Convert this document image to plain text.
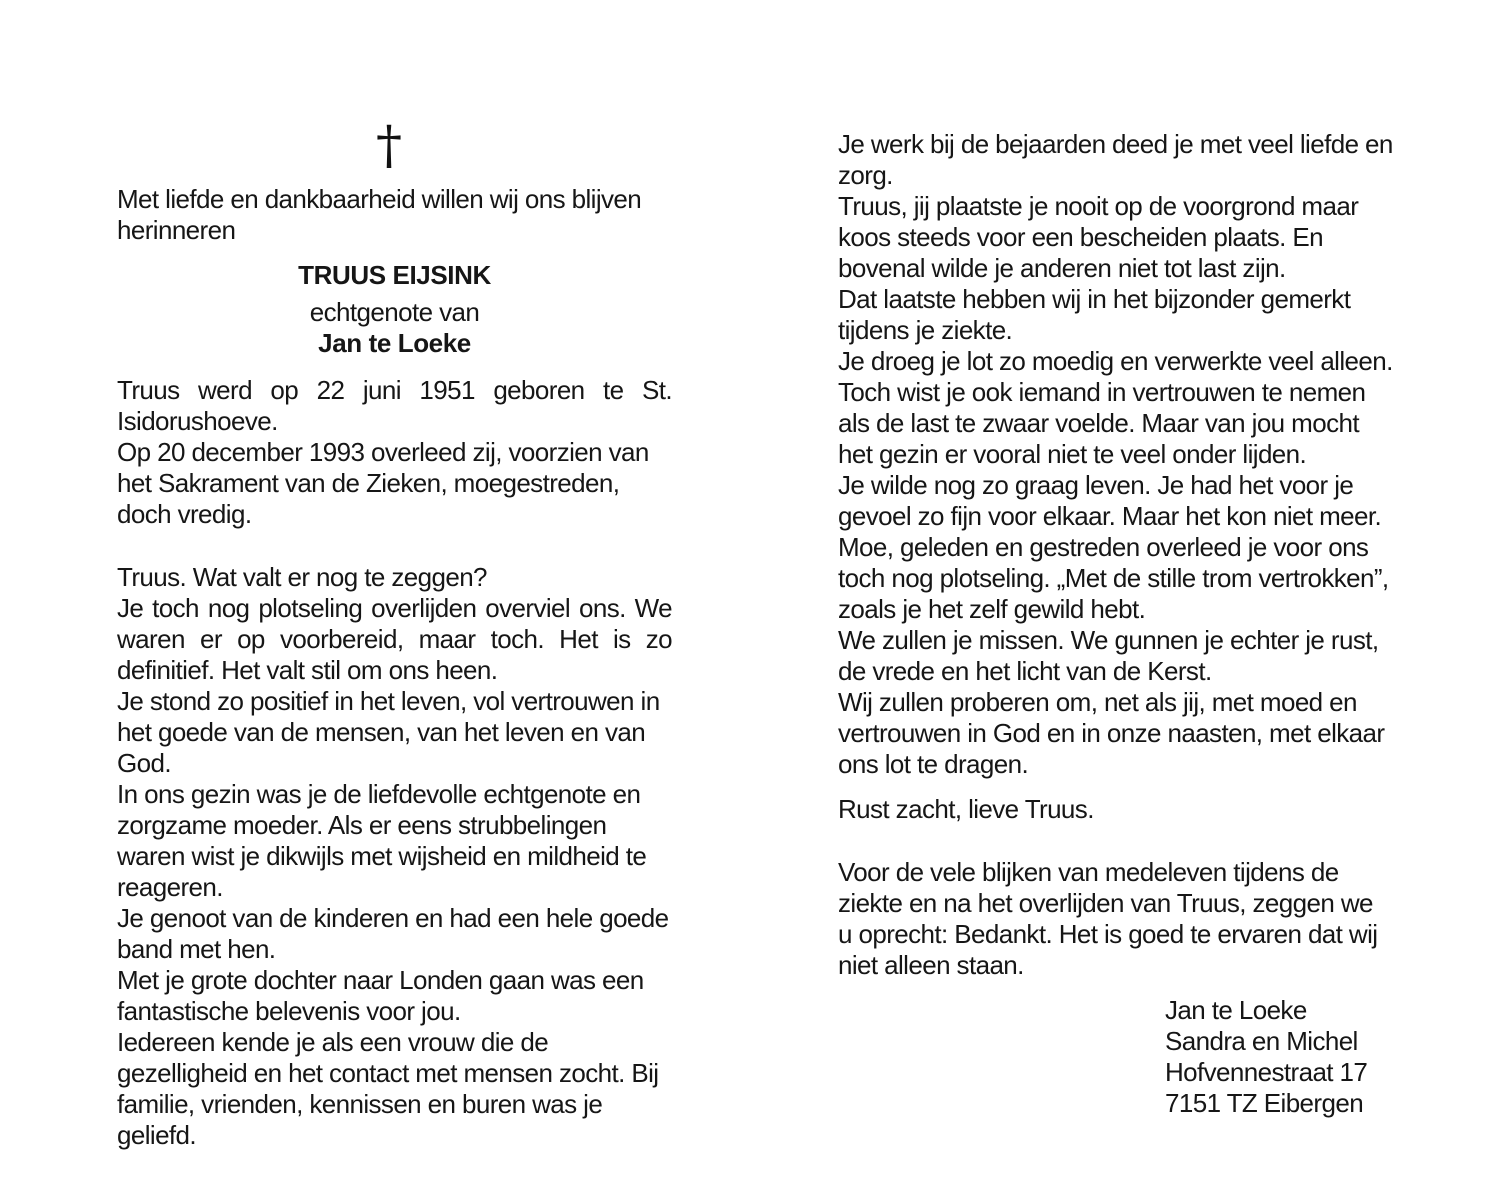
†

Met liefde en dankbaarheid willen wij ons blijven herinneren

TRUUS EIJSINK
echtgenote van
Jan te Loeke

Truus werd op 22 juni 1951 geboren te St. Isidorushoeve.

Op 20 december 1993 overleed zij, voorzien van het Sakrament van de Zieken, moegestreden, doch vredig.

Truus. Wat valt er nog te zeggen?

Je toch nog plotseling overlijden overviel ons. We waren er op voorbereid, maar toch. Het is zo definitief. Het valt stil om ons heen.

Je stond zo positief in het leven, vol vertrouwen in het goede van de mensen, van het leven en van God.

In ons gezin was je de liefdevolle echtgenote en zorgzame moeder. Als er eens strubbelingen waren wist je dikwijls met wijsheid en mildheid te reageren.

Je genoot van de kinderen en had een hele goede band met hen.

Met je grote dochter naar Londen gaan was een fantastische belevenis voor jou.

Iedereen kende je als een vrouw die de gezelligheid en het contact met mensen zocht. Bij familie, vrienden, kennissen en buren was je geliefd.

Je werk bij de bejaarden deed je met veel liefde en zorg.

Truus, jij plaatste je nooit op de voorgrond maar koos steeds voor een bescheiden plaats. En bovenal wilde je anderen niet tot last zijn.

Dat laatste hebben wij in het bijzonder gemerkt tijdens je ziekte.

Je droeg je lot zo moedig en verwerkte veel alleen. Toch wist je ook iemand in vertrouwen te nemen als de last te zwaar voelde. Maar van jou mocht het gezin er vooral niet te veel onder lijden.

Je wilde nog zo graag leven. Je had het voor je gevoel zo fijn voor elkaar. Maar het kon niet meer.

Moe, geleden en gestreden overleed je voor ons toch nog plotseling. „Met de stille trom vertrokken”, zoals je het zelf gewild hebt.

We zullen je missen. We gunnen je echter je rust, de vrede en het licht van de Kerst.

Wij zullen proberen om, net als jij, met moed en vertrouwen in God en in onze naasten, met elkaar ons lot te dragen.

Rust zacht, lieve Truus.

Voor de vele blijken van medeleven tijdens de ziekte en na het overlijden van Truus, zeggen we u oprecht: Bedankt. Het is goed te ervaren dat wij niet alleen staan.

Jan te Loeke
Sandra en Michel
Hofvennestraat 17
7151 TZ Eibergen
